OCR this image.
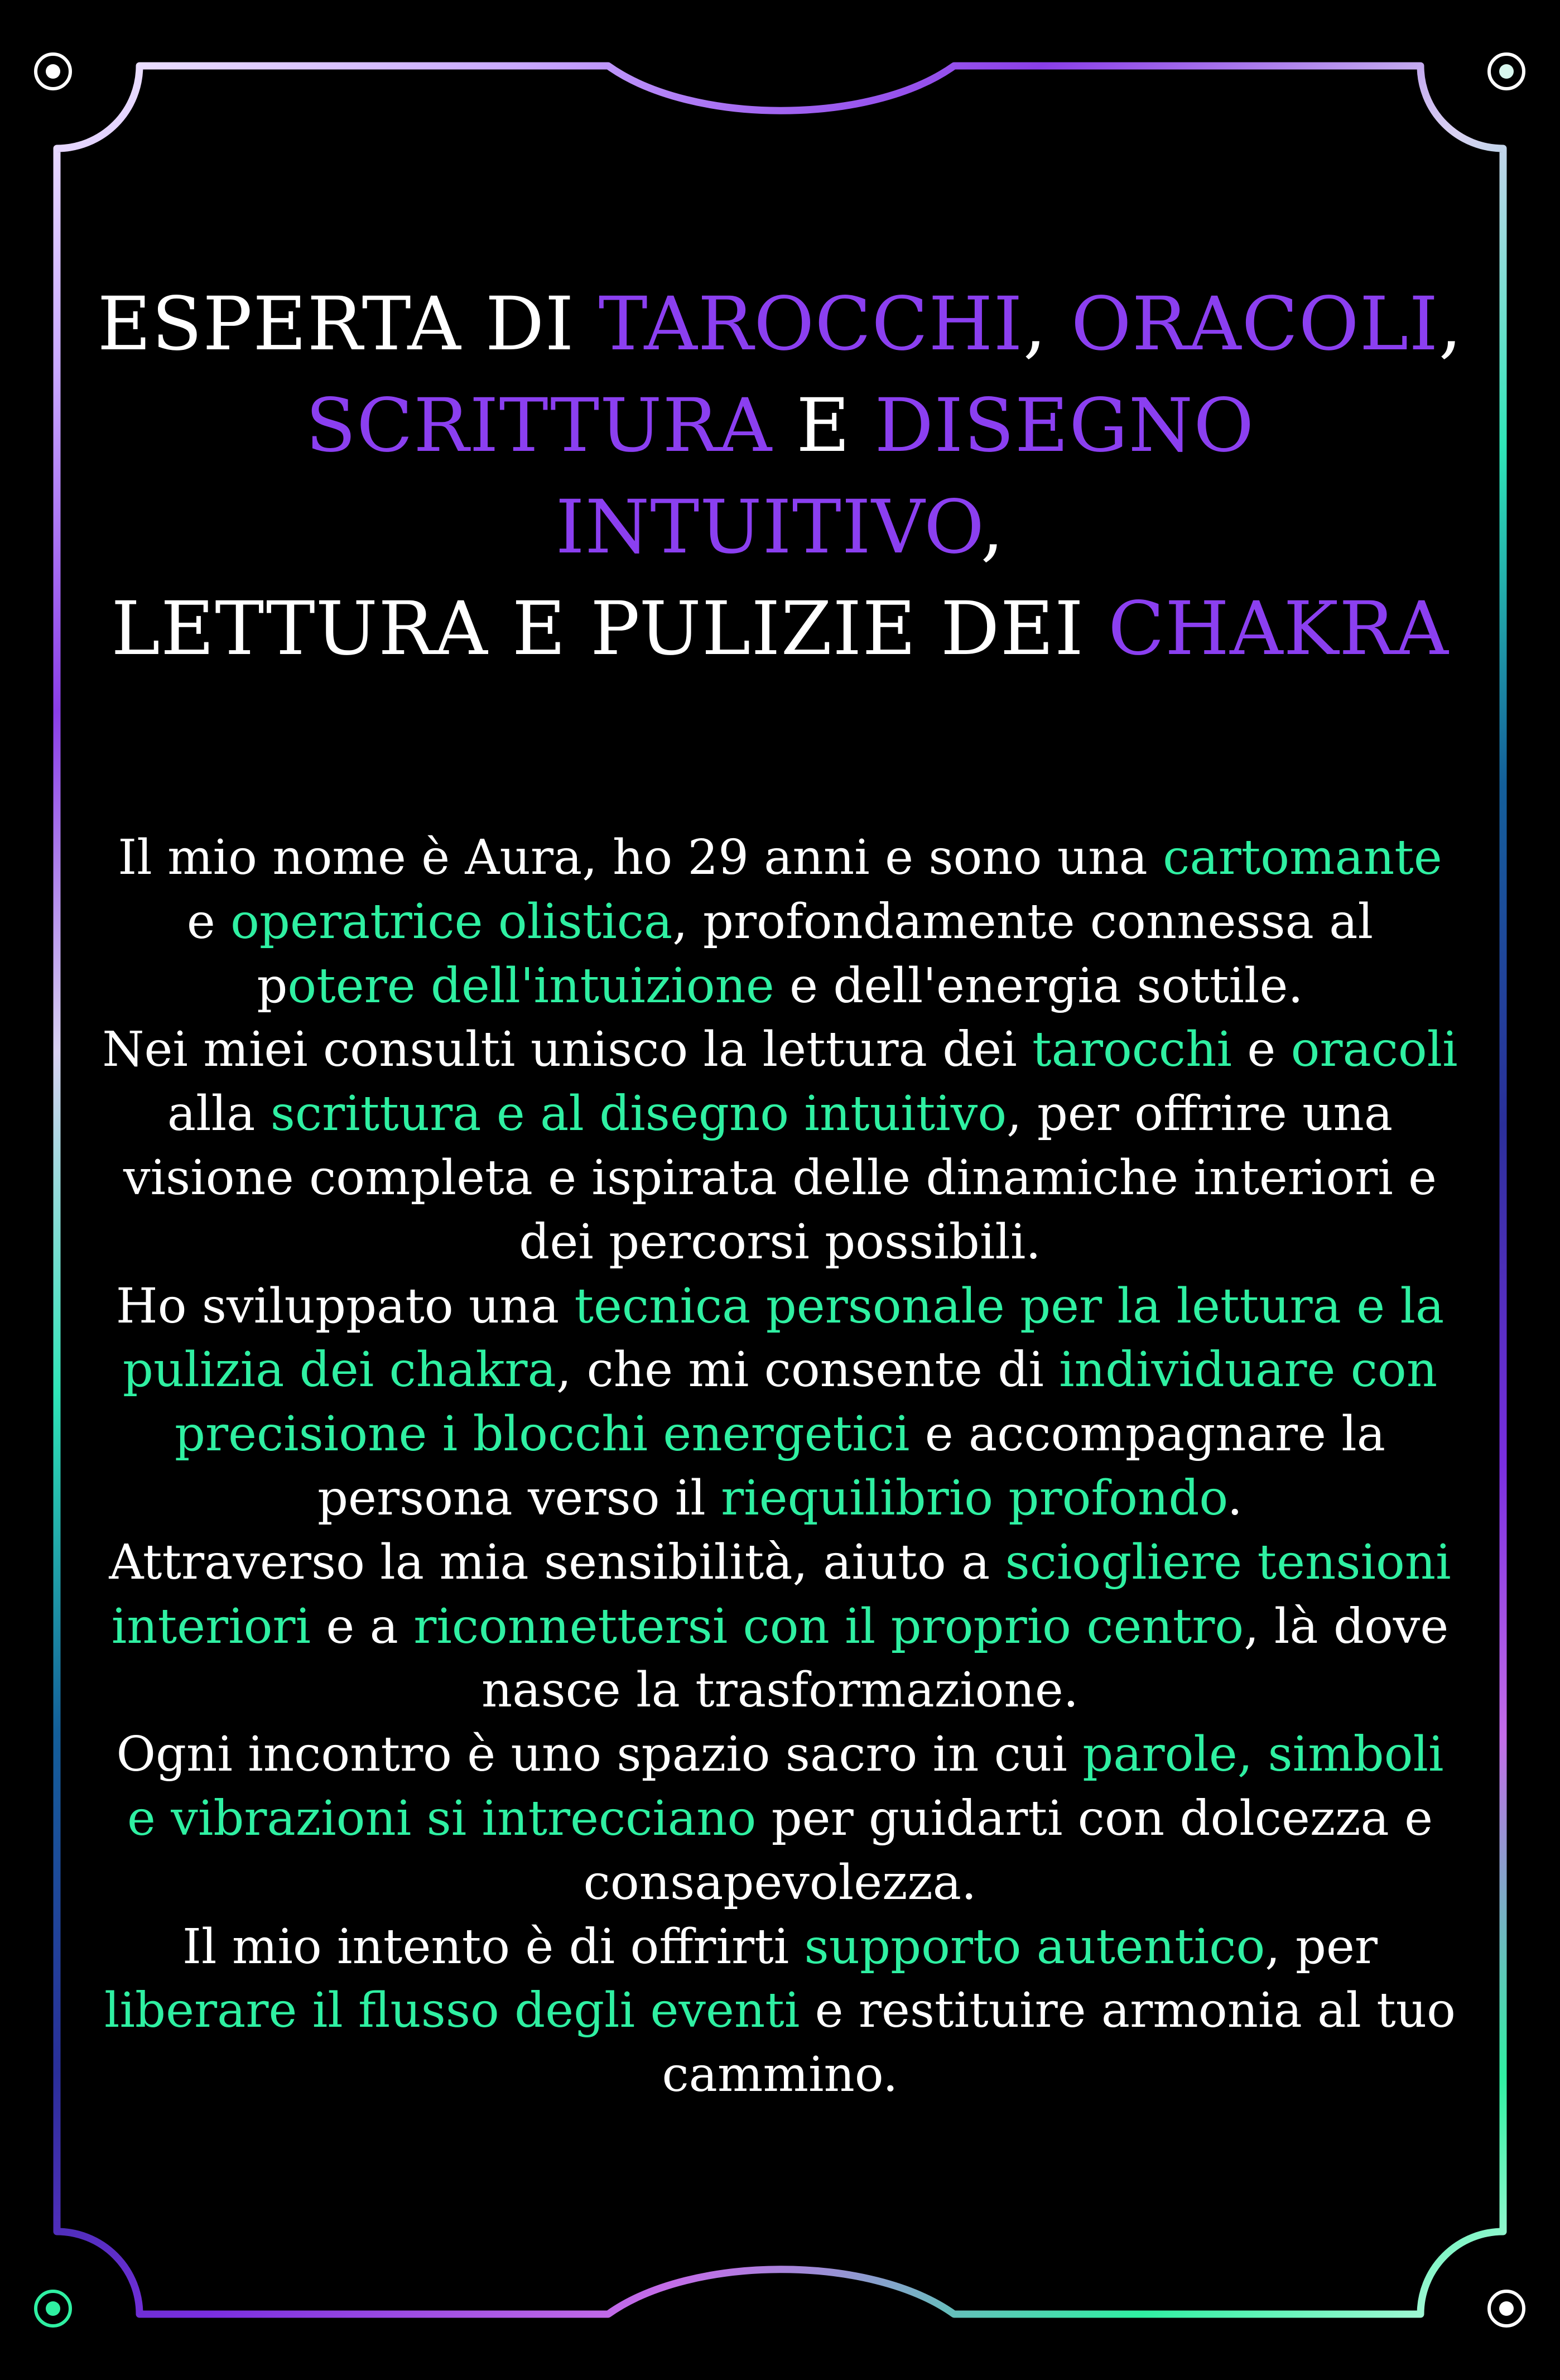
ESPERTA DI TAROCCHI, ORACOLI,
SCRITTURA E DISEGNO INTUITIVO,
LETTURA E PULIZIE DEI CHAKRA

Il mio nome è Aura, ho 29 anni e sono una cartomante e operatrice olistica, profondamente connessa al potere dell'intuizione e dell'energia sottile.

Nei miei consulti unisco la lettura dei tarocchi e oracoli alla scrittura e al disegno intuitivo, per offrire una visione completa e ispirata delle dinamiche interiori e dei percorsi possibili.

Ho sviluppato una tecnica personale per la lettura e la pulizia dei chakra, che mi consente di individuare con precisione i blocchi energetici e accompagnare la persona verso il riequilibrio profondo.

Attraverso la mia sensibilità, aiuto a sciogliere tensioni interiori e a riconnettersi con il proprio centro, là dove nasce la trasformazione.

Ogni incontro è uno spazio sacro in cui parole, simboli e vibrazioni si intrecciano per guidarti con dolcezza e consapevolezza.

Il mio intento è di offrirti supporto autentico, per liberare il flusso degli eventi e restituire armonia al tuo cammino.
